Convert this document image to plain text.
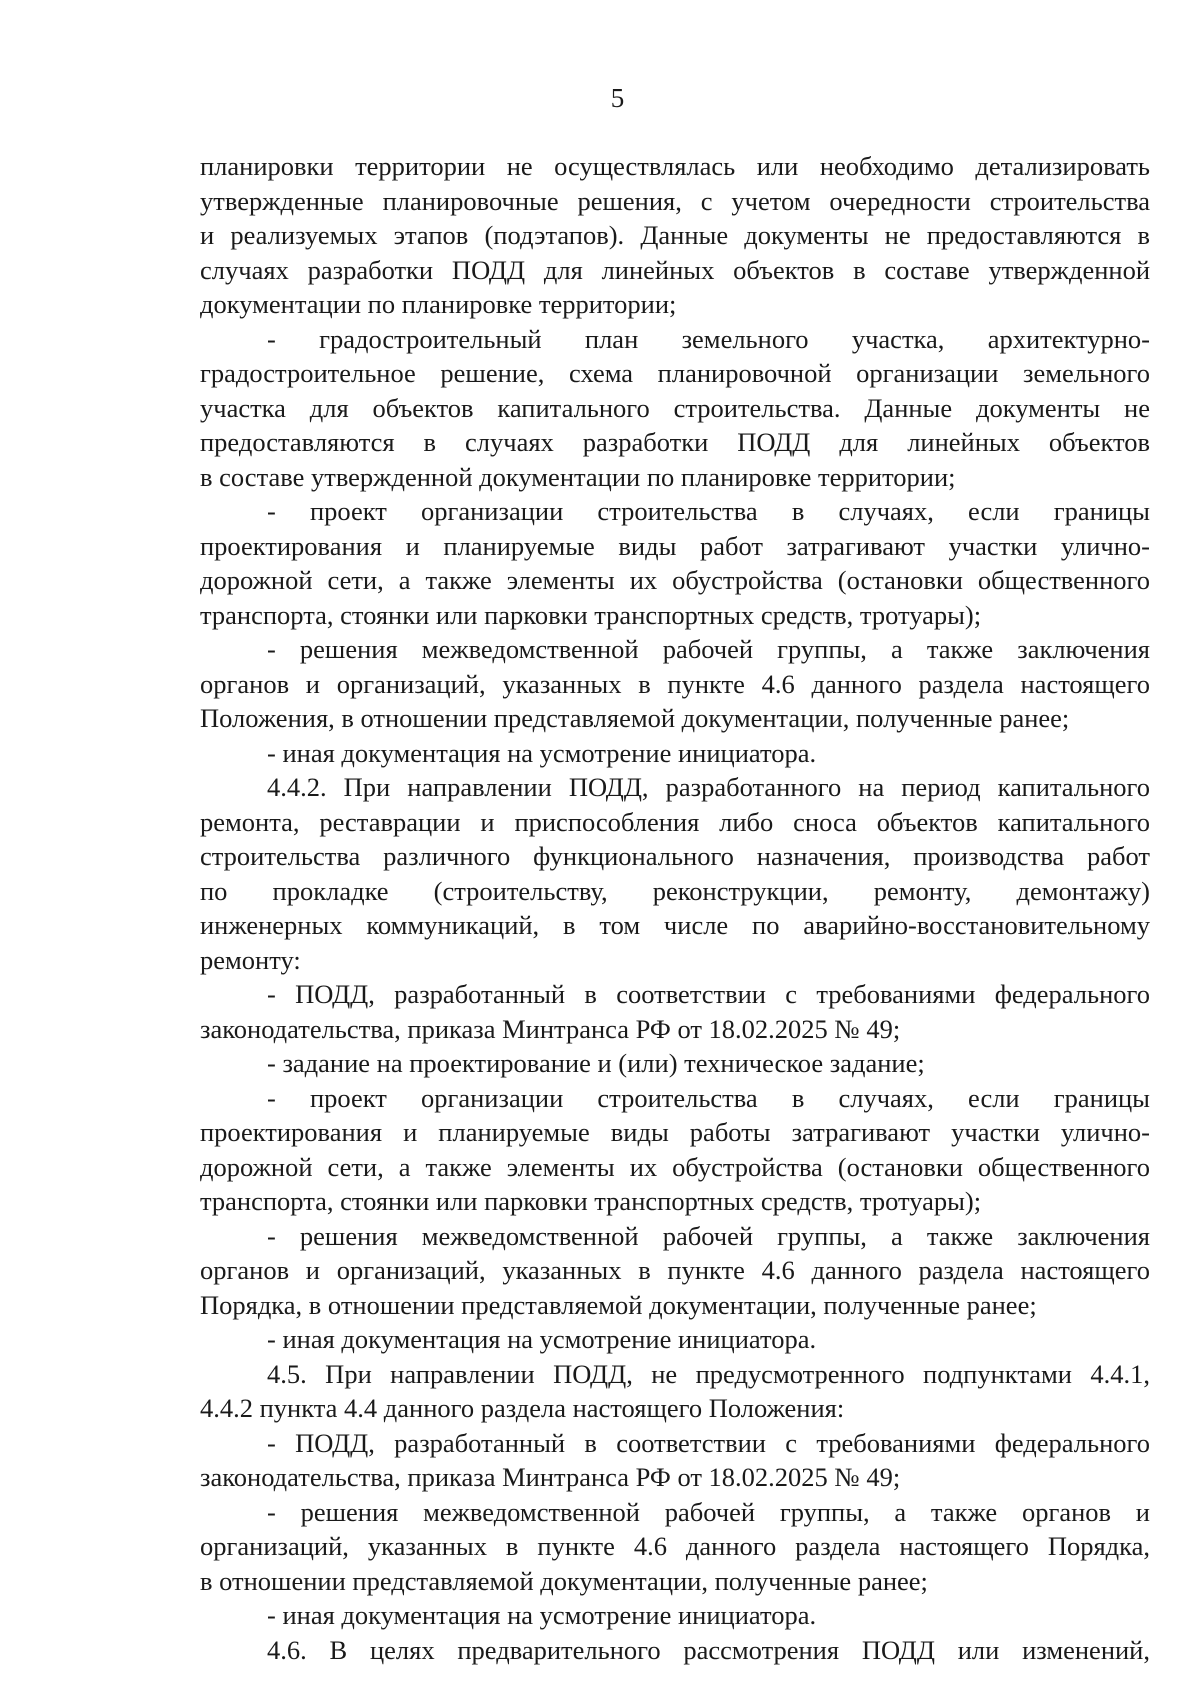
5
планировки территории не осуществлялась или необходимо детализировать
утвержденные планировочные решения, с учетом очередности строительства
и реализуемых этапов (подэтапов). Данные документы не предоставляются в
случаях разработки ПОДД для линейных объектов в составе утвержденной
документации по планировке территории;
- градостроительный план земельного участка, архитектурно-
градостроительное решение, схема планировочной организации земельного
участка для объектов капитального строительства. Данные документы не
предоставляются в случаях разработки ПОДД для линейных объектов
в составе утвержденной документации по планировке территории;
- проект организации строительства в случаях, если границы
проектирования и планируемые виды работ затрагивают участки улично-
дорожной сети, а также элементы их обустройства (остановки общественного
транспорта, стоянки или парковки транспортных средств, тротуары);
- решения межведомственной рабочей группы, а также заключения
органов и организаций, указанных в пункте 4.6 данного раздела настоящего
Положения, в отношении представляемой документации, полученные ранее;
- иная документация на усмотрение инициатора.
4.4.2. При направлении ПОДД, разработанного на период капитального
ремонта, реставрации и приспособления либо сноса объектов капитального
строительства различного функционального назначения, производства работ
по прокладке (строительству, реконструкции, ремонту, демонтажу)
инженерных коммуникаций, в том числе по аварийно-восстановительному
ремонту:
- ПОДД, разработанный в соответствии с требованиями федерального
законодательства, приказа Минтранса РФ от 18.02.2025 № 49;
- задание на проектирование и (или) техническое задание;
- проект организации строительства в случаях, если границы
проектирования и планируемые виды работы затрагивают участки улично-
дорожной сети, а также элементы их обустройства (остановки общественного
транспорта, стоянки или парковки транспортных средств, тротуары);
- решения межведомственной рабочей группы, а также заключения
органов и организаций, указанных в пункте 4.6 данного раздела настоящего
Порядка, в отношении представляемой документации, полученные ранее;
- иная документация на усмотрение инициатора.
4.5. При направлении ПОДД, не предусмотренного подпунктами 4.4.1,
4.4.2 пункта 4.4 данного раздела настоящего Положения:
- ПОДД, разработанный в соответствии с требованиями федерального
законодательства, приказа Минтранса РФ от 18.02.2025 № 49;
- решения межведомственной рабочей группы, а также органов и
организаций, указанных в пункте 4.6 данного раздела настоящего Порядка,
в отношении представляемой документации, полученные ранее;
- иная документация на усмотрение инициатора.
4.6. В целях предварительного рассмотрения ПОДД или изменений,
